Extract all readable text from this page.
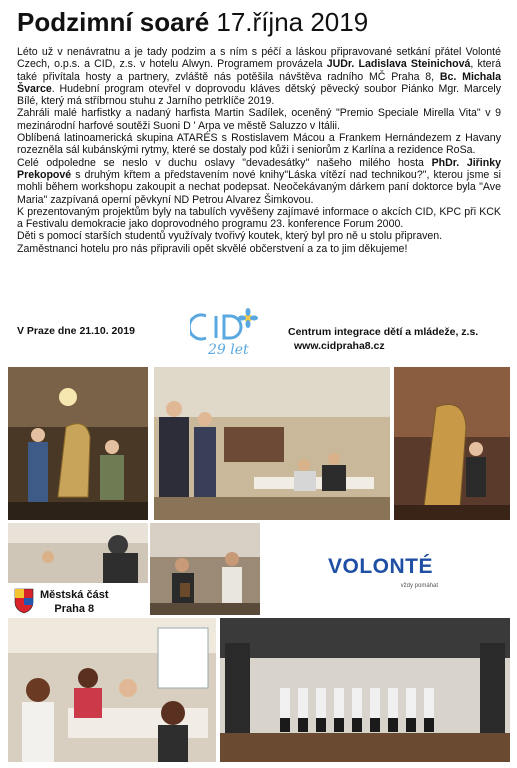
Podzimní soaré 17.října 2019

Léto už v nenávratnu a je tady podzim a s ním s péčí a láskou připravované setkání přátel Volonté Czech, o.p.s. a CID, z.s. v hotelu Alwyn. Programem provázela JUDr. Ladislava Steinichová, která také přivítala hosty a partnery, zvláště nás potěšila návštěva radního MČ Praha 8, Bc. Michala Švarce. Hudební program otevřel v doprovodu kláves dětský pěvecký soubor Piánko Mgr. Marcely Bílé, který má stříbrnou stuhu z Jarního petrklíče 2019.

Zahráli malé harfistky a nadaný harfista Martin Sadílek, oceněný "Premio Speciale Mirella Vita" v 9 mezinárodní harfové soutěži Suoni D ' Arpa ve městě Saluzzo v Itálii.

Oblíbená latinoamerická skupina ATARÉS s Rostislavem Mácou a Frankem Hernándezem z Havany rozezněla sál kubánskými rytmy, které se dostaly pod kůži i seniorům z Karlína a rezidence RoSa.

Celé odpoledne se neslo v duchu oslavy "devadesátky" našeho milého hosta PhDr. Jiřinky Prekopové s druhým křtem a představením nové knihy"Láska vítězí nad technikou?", kterou jsme si mohli během workshopu zakoupit a nechat podepsat. Neočekávaným dárkem paní doktorce byla "Ave Maria" zazpívaná operní pěvkyní ND Petrou Alvarez Šimkovou.

K prezentovaným projektům byly na tabulích vyvěšeny zajímavé informace o akcích CID, KPC při KCK a Festivalu demokracie jako doprovodného programu 23. konference Forum 2000.

Děti s pomocí starších studentů využívaly tvořivý koutek, který byl pro ně u stolu připraven.

Zaměstnanci hotelu pro nás připravili opět skvělé občerstvení a za to jim děkujeme!

V Praze dne 21.10. 2019
29 let
Centrum integrace dětí a mládeže, z.s.
www.cidpraha8.cz
Městská část
Praha 8
VOLONTÉ
vždy pomáhat
